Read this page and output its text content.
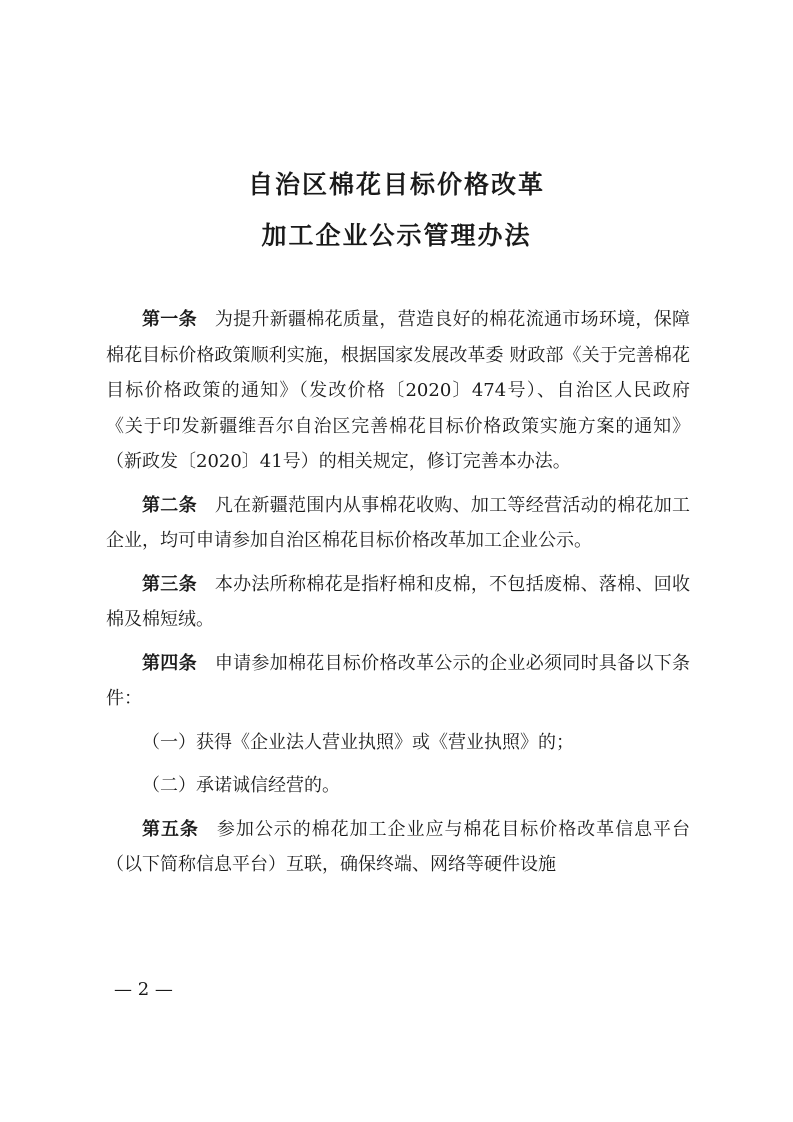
自治区棉花目标价格改革
加工企业公示管理办法

第一条 为提升新疆棉花质量，营造良好的棉花流通市场环境，保障棉花目标价格政策顺利实施，根据国家发展改革委 财政部《关于完善棉花目标价格政策的通知》（发改价格〔2020〕474号）、自治区人民政府《关于印发新疆维吾尔自治区完善棉花目标价格政策实施方案的通知》（新政发〔2020〕41号）的相关规定，修订完善本办法。

第二条 凡在新疆范围内从事棉花收购、加工等经营活动的棉花加工企业，均可申请参加自治区棉花目标价格改革加工企业公示。

第三条 本办法所称棉花是指籽棉和皮棉，不包括废棉、落棉、回收棉及棉短绒。

第四条 申请参加棉花目标价格改革公示的企业必须同时具备以下条件：

（一）获得《企业法人营业执照》或《营业执照》的；

（二）承诺诚信经营的。

第五条 参加公示的棉花加工企业应与棉花目标价格改革信息平台（以下简称信息平台）互联，确保终端、网络等硬件设施

— 2 —
